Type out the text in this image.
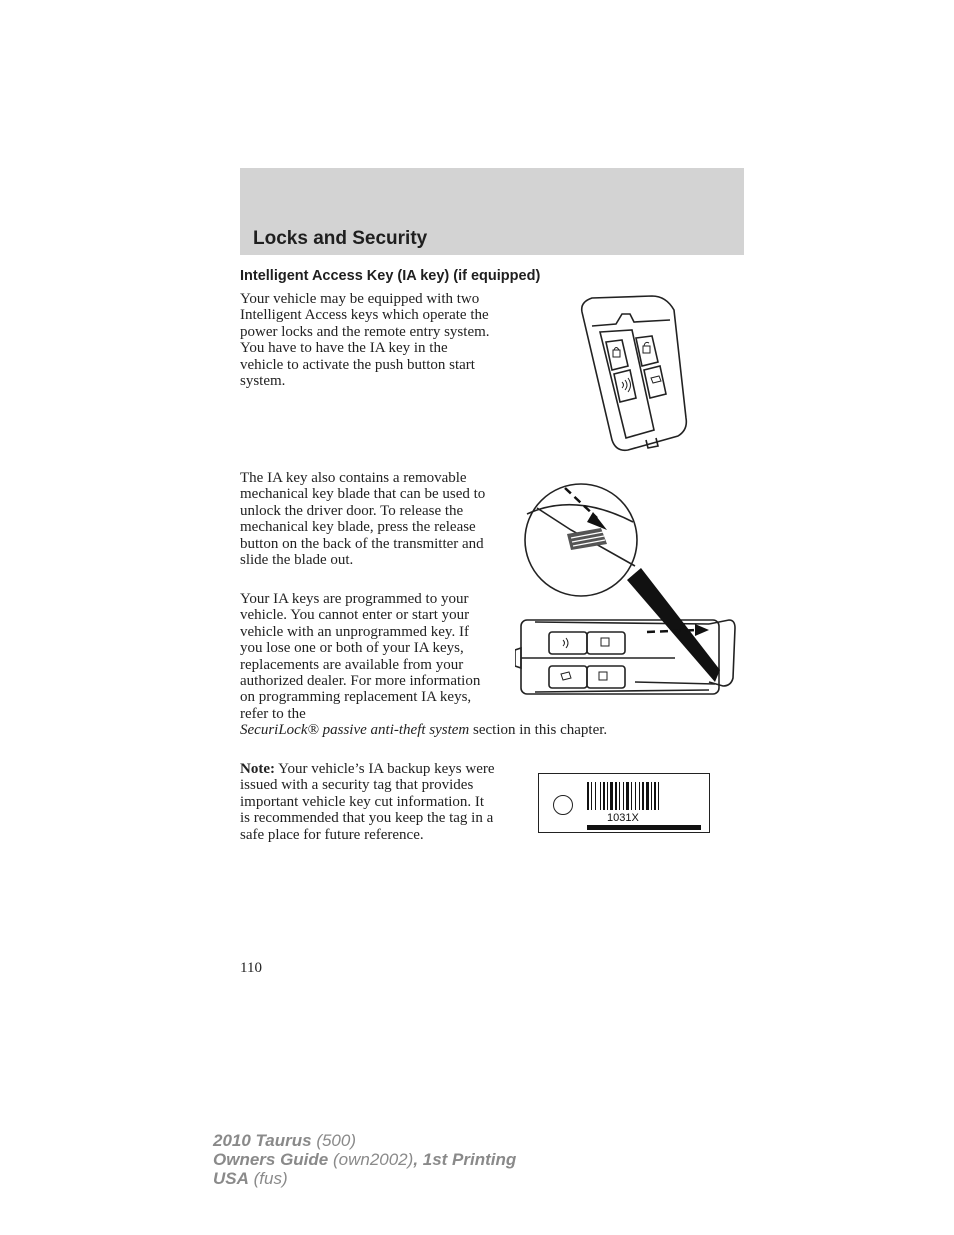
Locks and Security
Intelligent Access Key (IA key) (if equipped)

Your vehicle may be equipped with two Intelligent Access keys which operate the power locks and the remote entry system. You have to have the IA key in the vehicle to activate the push button start system.

The IA key also contains a removable mechanical key blade that can be used to unlock the driver door. To release the mechanical key blade, press the release button on the back of the transmitter and slide the blade out.

Your IA keys are programmed to your vehicle. You cannot enter or start your vehicle with an unprogrammed key. If you lose one or both of your IA keys, replacements are available from your authorized dealer. For more information on programming replacement IA keys, refer to the
SecuriLock® passive anti-theft system section in this chapter.

Note: Your vehicle’s IA backup keys were issued with a security tag that provides important vehicle key cut information. It is recommended that you keep the tag in a safe place for future reference.

1031X
110
2010 Taurus (500)
Owners Guide (own2002), 1st Printing
USA (fus)
